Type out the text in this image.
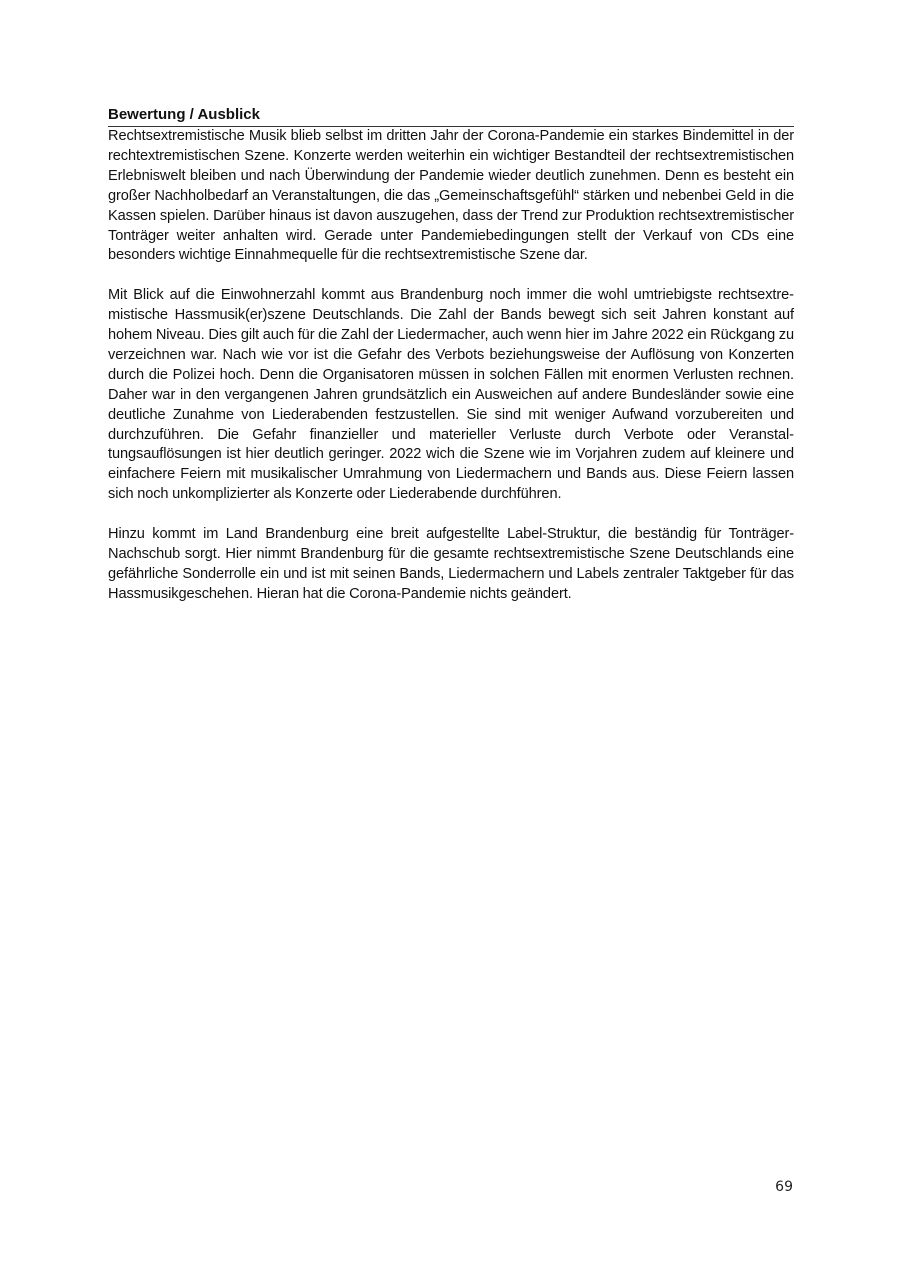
Bewertung / Ausblick

Rechtsextremistische Musik blieb selbst im dritten Jahr der Corona-Pandemie ein starkes Bindemittel in der rechtextremistischen Szene. Konzerte werden weiterhin ein wichtiger Bestandteil der rechtsextremistischen Erlebniswelt bleiben und nach Überwindung der Pandemie wieder deutlich zunehmen. Denn es besteht ein großer Nachholbedarf an Veranstaltungen, die das „Gemeinschaftsgefühl“ stärken und nebenbei Geld in die Kassen spielen. Darüber hinaus ist davon auszugehen, dass der Trend zur Produktion rechtsextremistischer Tonträger weiter anhalten wird. Gerade unter Pandemiebedingungen stellt der Verkauf von CDs eine besonders wichtige Einnahmequelle für die rechtsextremistische Szene dar.

Mit Blick auf die Einwohnerzahl kommt aus Brandenburg noch immer die wohl umtriebigste rechtsextremistische Hassmusik(er)szene Deutschlands. Die Zahl der Bands bewegt sich seit Jahren konstant auf hohem Niveau. Dies gilt auch für die Zahl der Liedermacher, auch wenn hier im Jahre 2022 ein Rückgang zu verzeichnen war. Nach wie vor ist die Gefahr des Verbots beziehungsweise der Auflösung von Konzerten durch die Polizei hoch. Denn die Organisatoren müssen in solchen Fällen mit enormen Verlusten rechnen. Daher war in den vergangenen Jahren grundsätzlich ein Ausweichen auf andere Bundesländer sowie eine deutliche Zunahme von Liederabenden festzustellen. Sie sind mit weniger Aufwand vorzubereiten und durchzuführen. Die Gefahr finanzieller und materieller Verluste durch Verbote oder Veranstaltungsauflösungen ist hier deutlich geringer. 2022 wich die Szene wie im Vorjahren zudem auf kleinere und einfachere Feiern mit musikalischer Umrahmung von Liedermachern und Bands aus. Diese Feiern lassen sich noch unkomplizierter als Konzerte oder Liederabende durchführen.

Hinzu kommt im Land Brandenburg eine breit aufgestellte Label-Struktur, die beständig für Tonträger-Nachschub sorgt. Hier nimmt Brandenburg für die gesamte rechtsextremistische Szene Deutschlands eine gefährliche Sonderrolle ein und ist mit seinen Bands, Liedermachern und Labels zentraler Taktgeber für das Hassmusikgeschehen. Hieran hat die Corona-Pandemie nichts geändert.

69
